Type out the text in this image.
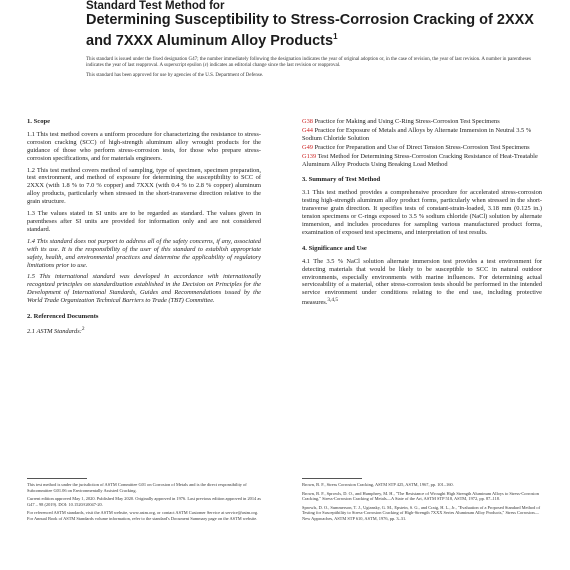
Standard Test Method for
Determining Susceptibility to Stress-Corrosion Cracking of 2XXX and 7XXX Aluminum Alloy Products$^1$

This standard is issued under the fixed designation G47; the number immediately following the designation indicates the year of original adoption or, in the case of revision, the year of last revision. A number in parentheses indicates the year of last reapproval. A superscript epsilon (ε) indicates an editorial change since the last revision or reapproval.

This standard has been approved for use by agencies of the U.S. Department of Defense.

1. Scope

1.1 This test method covers a uniform procedure for characterizing the resistance to stress-corrosion cracking (SCC) of high-strength aluminum alloy wrought products for the guidance of those who perform stress-corrosion tests, for those who prepare stress-corrosion specifications, and for materials engineers.

1.2 This test method covers method of sampling, type of specimen, specimen preparation, test environment, and method of exposure for determining the susceptibility to SCC of 2XXX (with 1.8 % to 7.0 % copper) and 7XXX (with 0.4 % to 2.8 % copper) aluminum alloy products, particularly when stressed in the short-transverse direction relative to the grain structure.

1.3 The values stated in SI units are to be regarded as standard. The values given in parentheses after SI units are provided for information only and are not considered standard.

1.4 This standard does not purport to address all of the safety concerns, if any, associated with its use. It is the responsibility of the user of this standard to establish appropriate safety, health, and environmental practices and determine the applicability of regulatory limitations prior to use.

1.5 This international standard was developed in accordance with internationally recognized principles on standardization established in the Decision on Principles for the Development of International Standards, Guides and Recommendations issued by the World Trade Organization Technical Barriers to Trade (TBT) Committee.

2. Referenced Documents

2.1 ASTM Standards:$^2$

G38 Practice for Making and Using C-Ring Stress-Corrosion Test Specimens
G44 Practice for Exposure of Metals and Alloys by Alternate Immersion in Neutral 3.5 % Sodium Chloride Solution
G49 Practice for Preparation and Use of Direct Tension Stress-Corrosion Test Specimens
G139 Test Method for Determining Stress-Corrosion Cracking Resistance of Heat-Treatable Aluminum Alloy Products Using Breaking Load Method
3. Summary of Test Method

3.1 This test method provides a comprehensive procedure for accelerated stress-corrosion testing high-strength aluminum alloy product forms, particularly when stressed in the short-transverse grain direction. It specifies tests of constant-strain-loaded, 3.18 mm (0.125 in.) tension specimens or C-rings exposed to 3.5 % sodium chloride (NaCl) solution by alternate immersion, and includes procedures for sampling various manufactured product forms, examination of exposed test specimens, and interpretation of test results.

4. Significance and Use

4.1 The 3.5 % NaCl solution alternate immersion test provides a test environment for detecting materials that would be likely to be susceptible to SCC in natural outdoor environments, especially environments with marine influences. For determining actual serviceability of a material, other stress-corrosion tests should be performed in the intended service environment under conditions relating to the end use, including protective measures.$^{3,4,5}$

This test method is under the jurisdiction of ASTM Committee G01 on Corrosion of Metals and is the direct responsibility of Subcommittee G01.06 on Environmentally Assisted Cracking.

Current edition approved May 1, 2020. Published May 2020. Originally approved in 1976. Last previous edition approved in 2014 as G47 – 98 (2019). DOI: 10.1520/G0047-20.

For referenced ASTM standards, visit the ASTM website, www.astm.org, or contact ASTM Customer Service at service@astm.org. For Annual Book of ASTM Standards volume information, refer to the standard's Document Summary page on the ASTM website.

Brown, B. F., Stress Corrosion Cracking, ASTM STP 425, ASTM, 1967, pp. 101–160.

Brown, B. F., Sprowls, D. O., and Humphrey, M. H., "The Resistance of Wrought High Strength Aluminum Alloys to Stress-Corrosion Cracking," Stress-Corrosion Cracking of Metals—A State of the Art, ASTM STP 518, ASTM, 1972, pp. 87–118.

Sprowls, D. O., Summerson, T. J., Ugiansky, G. M., Epstein, S. G., and Craig, H. L., Jr., "Evaluation of a Proposed Standard Method of Testing for Susceptibility to Stress-Corrosion Cracking of High-Strength 7XXX Series Aluminum Alloy Products," Stress Corrosion—New Approaches, ASTM STP 610, ASTM, 1976, pp. 3–31.
